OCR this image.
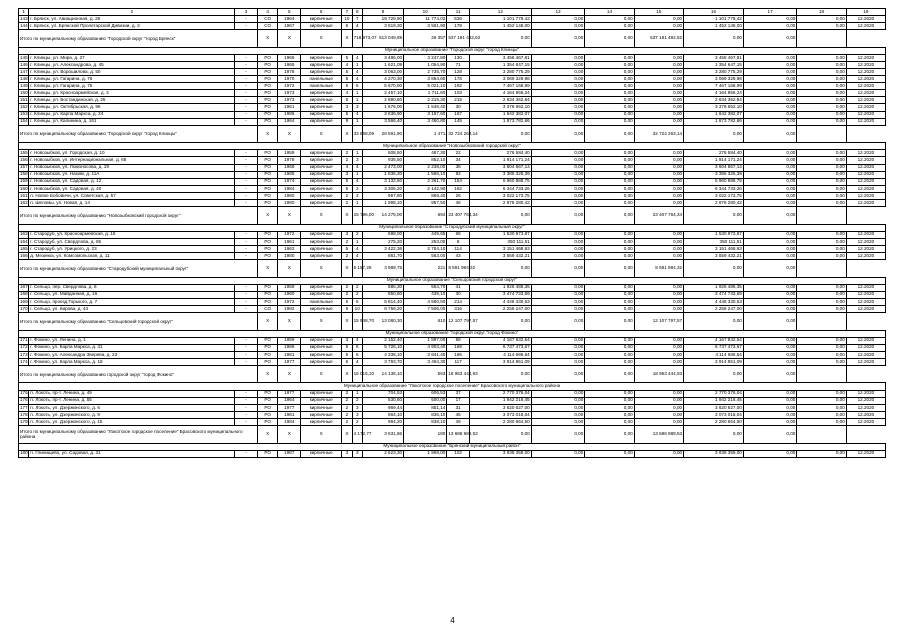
1	2	3	4	5	6	7	8	9	10	11	12	13	14	15	16	17	18	19
143	г. Брянск, ул. Авиационная, д. 28	-	СО	1964	кирпичные	10	7	19 729,90	11 774,02	536	1 101 779,42	0,00	0,00	0,00	1 101 779,42	0,00	0,00	12.2020
144	г. Брянск, ул. Брянской Пролетарской Дивизии, д. 3	-	СО	1967	кирпичные	5	4	3 619,30	3 561,90	179	1 452 148,00	0,00	0,00	0,00	1 452 148,00	0,00	0,00	12.2020
Итого по муниципальному образованию "Городской округ "город Брянск"			X	X	X	X	718 973,07	613 049,89	26 357	537 181 482,62	0,00	0,00	0,00	537 181 482,62	0,00	0,00		
Муниципальное образование "Городской округ "город Клинцы"																		
145	г. Клинцы, ул. Мира, д. 27	-	РО	1966	кирпичные	5	4	3 486,00	3 247,80	130	3 458 467,81	0,00	0,00	0,00	3 458 467,81	0,00	0,00	12.2020
146	г. Клинцы, ул. Александрова, д. 45	-	РО	1965	кирпичные	4	1	1 621,09	1 054,90	71	1 354 647,15	0,00	0,00	0,00	1 354 647,15	0,00	0,00	12.2020
147	г. Клинцы, ул. Ворошилова, д. 50	-	РО	1978	кирпичные	5	4	3 063,00	2 735,70	128	3 280 775,29	0,00	0,00	0,00	3 280 775,29	0,00	0,00	12.2020
148	г. Клинцы, ул. Гагарина, д. 76	-	РО	1970	панельные	5	4	4 270,30	3 854,60	178	3 069 329,98	0,00	0,00	0,00	3 069 329,98	0,00	0,00	12.2020
149	г. Клинцы, ул. Гагарина, д. 75	-	РО	1972	панельные	5	6	5 670,90	5 021,10	192	7 467 168,99	0,00	0,00	0,00	7 467 168,99	0,00	0,00	12.2020
150	г. Клинцы, ул. Красноармейская, д. 3	-	РО	1973	кирпичные	4	1	2 457,10	1 711,60	103	4 164 856,24	0,00	0,00	0,00	4 164 856,24	0,00	0,00	12.2020
151	г. Клинцы, ул. Бостандинская, д. 25	-	РО	1973	кирпичные	5	1	2 890,60	2 215,30	215	2 634 352,84	0,00	0,00	0,00	2 634 352,84	0,00	0,00	12.2020
152	г. Клинцы, ул. Октябрьская, д. 96	-	РО	1961	кирпичные	3	3	1 676,00	1 548,40	30	3 378 652,10	0,00	0,00	0,00	3 378 652,10	0,00	0,00	12.2020
153	г. Клинцы, ул. Карла Маркса, д. 24	-	РО	1986	кирпичные	5	4	3 636,90	3 197,60	167	1 642 382,07	0,00	0,00	0,00	1 642 382,07	0,00	0,00	12.2020
154	г. Клинцы, ул. Калинина, д. 161	-	РО	1964	кирпичные	9	1	3 566,40	3 460,80	145	1 873 782,66	0,00	0,00	0,00	1 873 782,66	0,00	0,00	12.2020
Итого по муниципальному образованию "Городской округ "город Клинцы"			X	X	X	X	33 868,09	28 591,90	1 471	32 724 263,14	0,00	0,00	0,00	32 724 263,14	0,00	0,00		
Муниципальное образование "Новозыбковский городской округ"																		
155	г. Новозыбков, ул. Городская, д. 10	-	РО	1959	кирпичные	2	1	608,50	487,30	22	276 584,40	0,00	0,00	0,00	276 584,40	0,00	0,00	12.2020
156	г. Новозыбков, ул. Интернациональная, д. 68	-	РО	1978	кирпичные	2	3	935,50	852,10	34	1 914 171,24	0,00	0,00	0,00	1 914 171,24	0,00	0,00	12.2020
157	г. Новозыбков, ул. Ломоносова, д. 19	-	РО	1968	кирпичные	4	4	2 473,00	2 238,00	36	3 604 667,13	0,00	0,00	0,00	3 604 667,13	0,00	0,00	12.2020
158	г. Новозыбков, ул. Нахим, д. 11А	-	РО	1985	кирпичные	3	1	1 836,30	1 566,10	92	3 385 325,39	0,00	0,00	0,00	3 385 325,39	0,00	0,00	12.2020
159	г. Новозыбков, ул. Садовая, д. 12	-	РО	1974	кирпичные	5	4	3 132,60	2 261,70	154	5 960 888,75	0,00	0,00	0,00	5 960 888,75	0,00	0,00	12.2020
160	г. Новозыбков, ул. Садовая, д. 40	-	РО	1984	кирпичные	5	2	3 306,20	2 142,90	162	6 344 733,26	0,00	0,00	0,00	6 344 733,26	0,00	0,00	12.2020
161	п. Новое Бобовичи, ул. Советская, д. 57	-	РО	1980	кирпичные	2	3	957,80	869,40	26	3 022 173,75	0,00	0,00	0,00	3 022 173,75	0,00	0,00	12.2020
162	п. Шеломы, ул. Новая, д. 14	-	РО	1980	кирпичные	2	1	1 998,10	957,50	46	2 878 280,42	0,00	0,00	0,00	2 878 280,42	0,00	0,00	12.2020
Итого по муниципальному образованию "Новозыбковский городской округ"			X	X	X	X	15 796,00	14 275,00	694	23 407 764,34	0,00	0,00	0,00	23 407 764,34	0,00	0,00		
Муниципальное образование "Стародубский муниципальный округ"																		
163	г. Стародуб, ул. Красноармейская, д. 16	-	РО	1972	кирпичные	3	2	598,00	449,65	66	1 530 973,87	0,00	0,00	0,00	1 530 973,87	0,00	0,00	12.2020
164	г. Стародуб, ул. Свердлова, д. 65	-	РО	1961	кирпичные	2	1	275,20	253,00	8	350 111,51	0,00	0,00	0,00	350 111,51	0,00	0,00	12.2020
165	г. Стародуб, ул. Урицкого, д. 23	-	РО	1962	кирпичные	5	4	3 422,36	2 784,10	114	3 151 468,93	0,00	0,00	0,00	3 151 468,93	0,00	0,00	12.2020
166	д. Мезинка, ул. Комсомольская, д. 11	-	РО	1980	кирпичные	2	4	861,70	563,00	43	3 559 432,21	0,00	0,00	0,00	3 559 432,21	0,00	0,00	12.2020
Итого по муниципальному образованию "Стародубский муниципальный округ"			X	X	X	X	5 157,26	3 989,75	221	8 591 984,32	0,00	0,00	0,00	8 591 984,32	0,00	0,00		
Муниципальное образование "Сельцовский городской округ"																		
167	г. Сельцо, пер. Свердлова, д. 8	-	РО	1959	кирпичные	2	2	586,30	554,70	41	1 926 486,35	0,00	0,00	0,00	1 926 486,35	0,00	0,00	12.2020
168	г. Сельцо, ул. Майданная, д. 16	-	РО	1960	кирпичные	2	2	850,80	439,10	30	3 474 733,69	0,00	0,00	0,00	3 474 733,69	0,00	0,00	12.2020
169	г. Сельцо, проезд Горького, д. 7	-	РО	1972	панельные	5	6	5 814,40	4 580,50	214	4 448 330,53	0,00	0,00	0,00	4 448 330,53	0,00	0,00	12.2020
170	г. Сельцо, ул. Кирова, д. 43	-	СО	1982	кирпичные	9	10	8 759,20	7 506,00	316	2 258 247,00	0,00	0,00	0,00	2 258 247,00	0,00	0,00	12.2020
Итого по муниципальному образованию "Сельцовский городской округ"			X	X	X	X	15 948,70	13 080,30	610	12 107 797,57	0,00	0,00	0,00	12 107 797,57	0,00	0,00		
Муниципальное образование "городской округ "город Фокино"																		
171	г. Фокино, ул. Ленина, д. 1	-	РО	1959	кирпичные	3	4	2 152,40	1 897,00	58	4 167 832,54	0,00	0,00	0,00	4 167 832,54	0,00	0,00	12.2020
172	г. Фокино, ул. Карла Маркса, д. 41	-	РО	1986	кирпичные	5	6	5 726,10	4 903,40	188	6 737 473,67	0,00	0,00	0,00	6 737 473,67	0,00	0,00	12.2020
173	г. Фокино, ул. Александра Зверева, д. 23	-	РО	1981	кирпичные	5	6	4 338,10	3 841,40	186	4 114 686,64	0,00	0,00	0,00	4 114 686,64	0,00	0,00	12.2020
174	г. Фокино, ул. Карла Маркса, д. 16	-	РО	1977	кирпичные	5	4	3 793,70	3 494,30	117	3 914 851,09	0,00	0,00	0,00	3 914 851,09	0,00	0,00	12.2020
Итого по муниципальному образованию городской округ "город Фокино"			X	X	X	X	16 015,10	14 136,10	563	18 953 444,93	0,00	0,00	0,00	18 953 444,93	0,00	0,00		
Муниципальное образование "Локотское городское поселение" Брасовского муниципального района																		
175	п. Локоть, пр-т. Ленина, д. 49	-	РО	1977	кирпичные	2	1	704,53	606,53	37	2 770 376,04	0,00	0,00	0,00	2 770 376,04	0,00	0,00	12.2020
176	п. Локоть, пр-т. Ленина, д. 55	-	РО	1964	кирпичные	2	2	530,60	500,00	17	1 942 216,45	0,00	0,00	0,00	1 942 216,45	0,00	0,00	12.2020
177	п. Локоть, ул. Дзержинского, д. 6	-	РО	1977	кирпичные	2	3	969,44	851,14	31	3 620 627,00	0,00	0,00	0,00	3 620 627,00	0,00	0,00	12.2020
178	п. Локоть, ул. Дзержинского, д. 9	-	РО	1981	кирпичные	2	3	864,10	836,10	45	3 073 018,04	0,00	0,00	0,00	3 073 018,04	0,00	0,00	12.2020
179	п. Локоть, ул. Дзержинского, д. 15	-	РО	1984	кирпичные	2	2	994,20	838,10	49	2 280 664,50	0,00	0,00	0,00	2 280 664,50	0,00	0,00	12.2020
Итого по муниципальному образованию "Локотское городское поселение" Брасовского муниципального района			X	X	X	X	4 172,77	3 631,86	180	13 686 989,53	0,00	0,00	0,00	13 686 989,53	0,00	0,00		
Муниципальное образование "Брянский муниципальный район"																		
180	п. Глинищево, ул. Садовая, д. 31	-	РО	1987	кирпичные	3	3	2 623,30	1 969,00	102	3 938 359,00	0,00	0,00	0,00	3 938 359,00	0,00	0,00	12.2020
4
